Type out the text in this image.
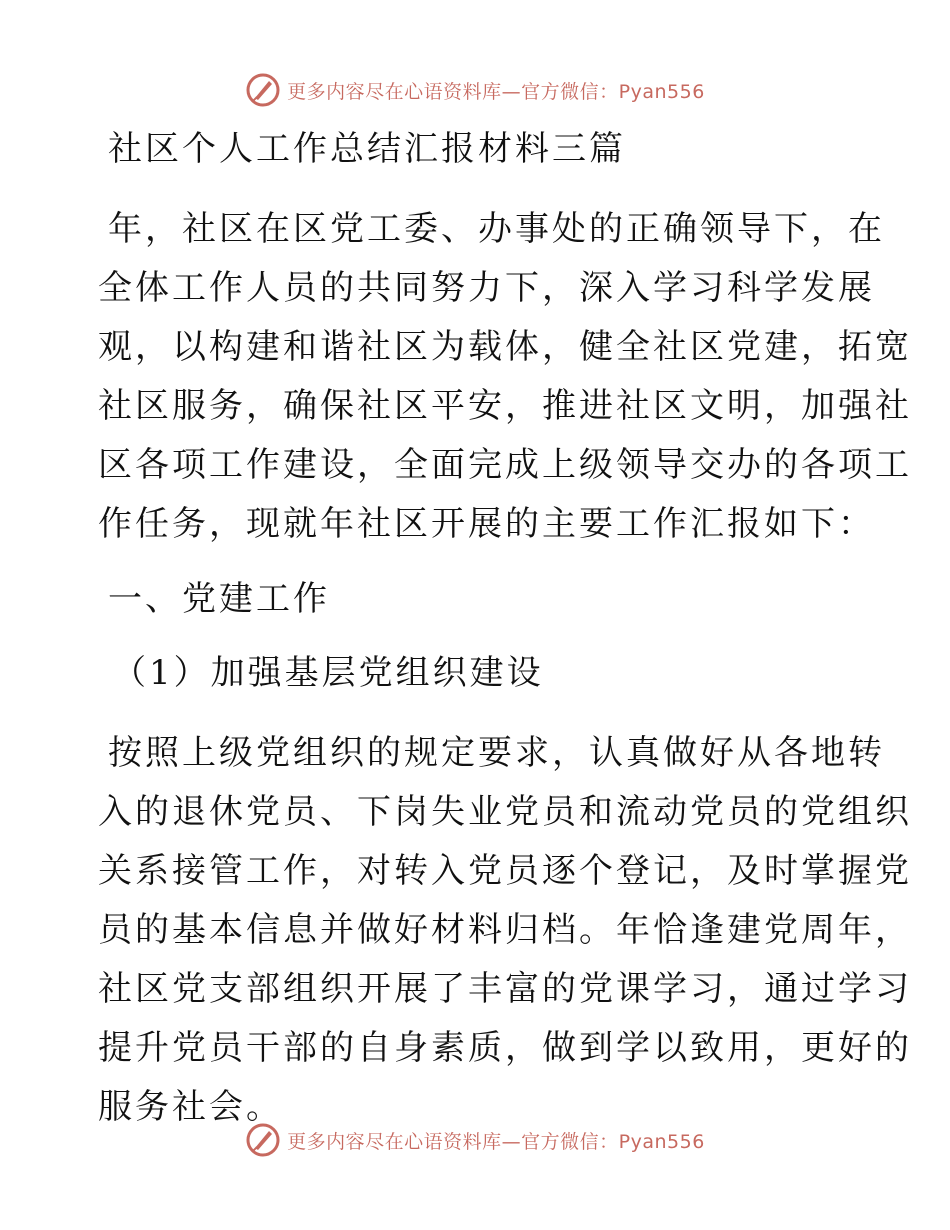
更多内容尽在心语资料库—官方微信：Pyan556

社区个人工作总结汇报材料三篇

年，社区在区党工委、办事处的正确领导下，在

全体工作人员的共同努力下，深入学习科学发展

观，以构建和谐社区为载体，健全社区党建，拓宽

社区服务，确保社区平安，推进社区文明，加强社

区各项工作建设，全面完成上级领导交办的各项工

作任务，现就年社区开展的主要工作汇报如下：

一、党建工作

（1）加强基层党组织建设

按照上级党组织的规定要求，认真做好从各地转

入的退休党员、下岗失业党员和流动党员的党组织

关系接管工作，对转入党员逐个登记，及时掌握党

员的基本信息并做好材料归档。年恰逢建党周年，

社区党支部组织开展了丰富的党课学习，通过学习

提升党员干部的自身素质，做到学以致用，更好的

服务社会。

更多内容尽在心语资料库—官方微信：Pyan556
